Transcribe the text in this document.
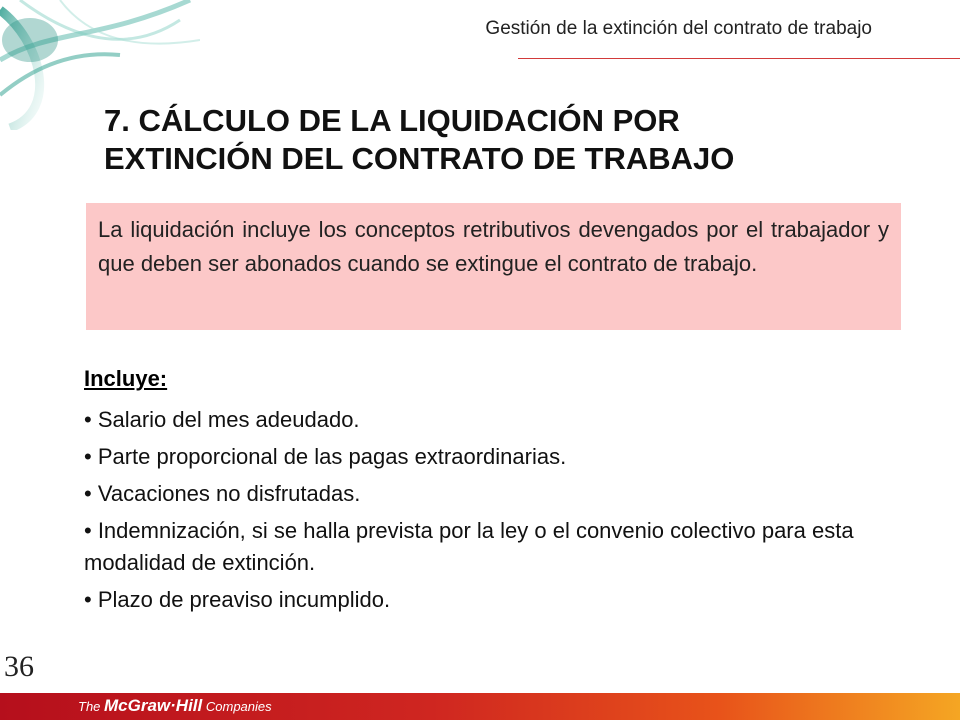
Gestión de la extinción del contrato de trabajo
7. CÁLCULO DE LA LIQUIDACIÓN POR
EXTINCIÓN DEL CONTRATO DE TRABAJO
La liquidación incluye los conceptos retributivos devengados por el trabajador y que deben ser abonados cuando se extingue el contrato de trabajo.
Incluye:
• Salario del mes adeudado.
• Parte proporcional de las pagas extraordinarias.
• Vacaciones no disfrutadas.
• Indemnización, si se halla prevista por la ley o el convenio colectivo para esta modalidad de extinción.
• Plazo de preaviso incumplido.
36
The McGraw·Hill Companies
